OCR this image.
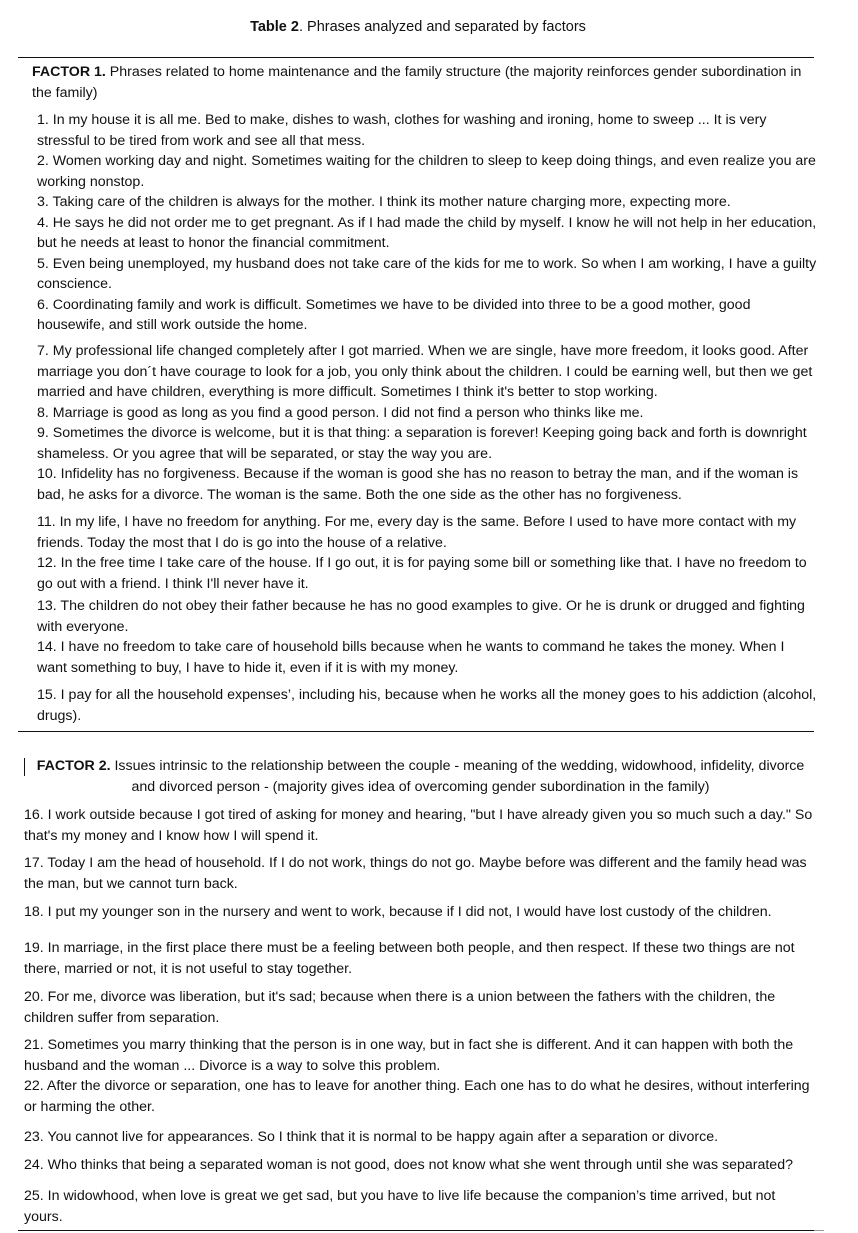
Table 2. Phrases analyzed and separated by factors

FACTOR 1. Phrases related to home maintenance and the family structure (the majority reinforces gender subordination in the family)

1. In my house it is all me. Bed to make, dishes to wash, clothes for washing and ironing, home to sweep ... It is very stressful to be tired from work and see all that mess.
2. Women working day and night. Sometimes waiting for the children to sleep to keep doing things, and even realize you are working nonstop.
3. Taking care of the children is always for the mother. I think its mother nature charging more, expecting more.
4. He says he did not order me to get pregnant. As if I had made the child by myself. I know he will not help in her education, but he needs at least to honor the financial commitment.
5. Even being unemployed, my husband does not take care of the kids for me to work. So when I am working, I have a guilty conscience.
6. Coordinating family and work is difficult. Sometimes we have to be divided into three to be a good mother, good housewife, and still work outside the home.

7. My professional life changed completely after I got married. When we are single, have more freedom, it looks good. After marriage you don´t have courage to look for a job, you only think about the children. I could be earning well, but then we get married and have children, everything is more difficult. Sometimes I think it's better to stop working.
8. Marriage is good as long as you find a good person. I did not find a person who thinks like me.
9. Sometimes the divorce is welcome, but it is that thing: a separation is forever! Keeping going back and forth is downright shameless. Or you agree that will be separated, or stay the way you are.
10. Infidelity has no forgiveness. Because if the woman is good she has no reason to betray the man, and if the woman is bad, he asks for a divorce. The woman is the same. Both the one side as the other has no forgiveness.

11. In my life, I have no freedom for anything. For me, every day is the same. Before I used to have more contact with my friends. Today the most that I do is go into the house of a relative.
12. In the free time I take care of the house. If I go out, it is for paying some bill or something like that. I have no freedom to go out with a friend. I think I'll never have it.

13. The children do not obey their father because he has no good examples to give. Or he is drunk or drugged and fighting with everyone.
14. I have no freedom to take care of household bills because when he wants to command he takes the money. When I want something to buy, I have to hide it, even if it is with my money.

15. I pay for all the household expenses’, including his, because when he works all the money goes to his addiction (alcohol, drugs).

FACTOR 2. Issues intrinsic to the relationship between the couple - meaning of the wedding, widowhood, infidelity, divorce and divorced person - (majority gives idea of overcoming gender subordination in the family)

16. I work outside because I got tired of asking for money and hearing, "but I have already given you so much such a day." So that's my money and I know how I will spend it.

17. Today I am the head of household. If I do not work, things do not go. Maybe before was different and the family head was the man, but we cannot turn back.

18. I put my younger son in the nursery and went to work, because if I did not, I would have lost custody of the children.

19. In marriage, in the first place there must be a feeling between both people, and then respect. If these two things are not there, married or not, it is not useful to stay together.

20. For me, divorce was liberation, but it's sad; because when there is a union between the fathers with the children, the children suffer from separation.

21. Sometimes you marry thinking that the person is in one way, but in fact she is different. And it can happen with both the husband and the woman ... Divorce is a way to solve this problem.
22. After the divorce or separation, one has to leave for another thing. Each one has to do what he desires, without interfering or harming the other.

23. You cannot live for appearances. So I think that it is normal to be happy again after a separation or divorce.

24. Who thinks that being a separated woman is not good, does not know what she went through until she was separated?

25. In widowhood, when love is great we get sad, but you have to live life because the companion’s time arrived, but not yours.
